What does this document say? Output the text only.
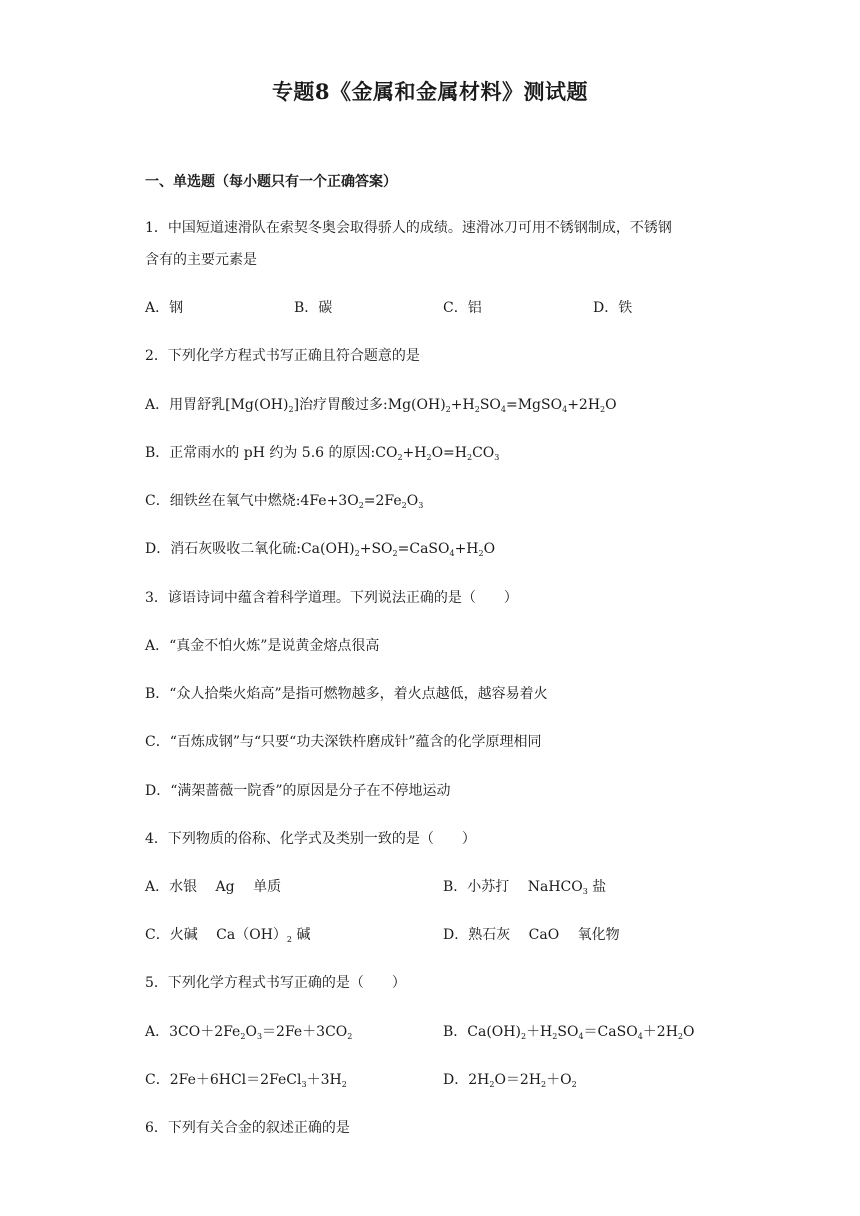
专题8《金属和金属材料》测试题
一、单选题（每小题只有一个正确答案）
1．中国短道速滑队在索契冬奥会取得骄人的成绩。速滑冰刀可用不锈钢制成，不锈钢
含有的主要元素是
A．钢	B．碳	C．铝	D．铁
2．下列化学方程式书写正确且符合题意的是
A．用胃舒乳$[Mg(OH)_2]$治疗胃酸过多$:Mg(OH)_2+H_2SO_4=MgSO_4+2H_2O$
B．正常雨水的 pH 约为 5.6 的原因$:CO_2+H_2O=H_2CO_3$
C．细铁丝在氧气中燃烧$:4Fe+3O_2=2Fe_2O_3$
D．消石灰吸收二氧化硫$:Ca(OH)_2+SO_2=CaSO_4+H_2O$
3．谚语诗词中蕴含着科学道理。下列说法正确的是（　　）
A．“真金不怕火炼”是说黄金熔点很高
B．“众人拾柴火焰高”是指可燃物越多，着火点越低，越容易着火
C．“百炼成钢”与“只要“功夫深铁杵磨成针”蕴含的化学原理相同
D．“满架蔷薇一院香”的原因是分子在不停地运动
4．下列物质的俗称、化学式及类别一致的是（　　）
A．水银　 Ag　 单质	B．小苏打　 NaHCO$_3$ 盐
C．火碱　 $Ca(OH)_2$ 碱	D．熟石灰　 CaO　 氧化物
5．下列化学方程式书写正确的是（　　）
A．$3CO+2Fe_2O_3=2Fe+3CO_2$	B．$Ca(OH)_2+H_2SO_4=CaSO_4+2H_2O$
C．$2Fe+6HCl=2FeCl_3+3H_2$	D．$2H_2O=2H_2+O_2$
6．下列有关合金的叙述正确的是
